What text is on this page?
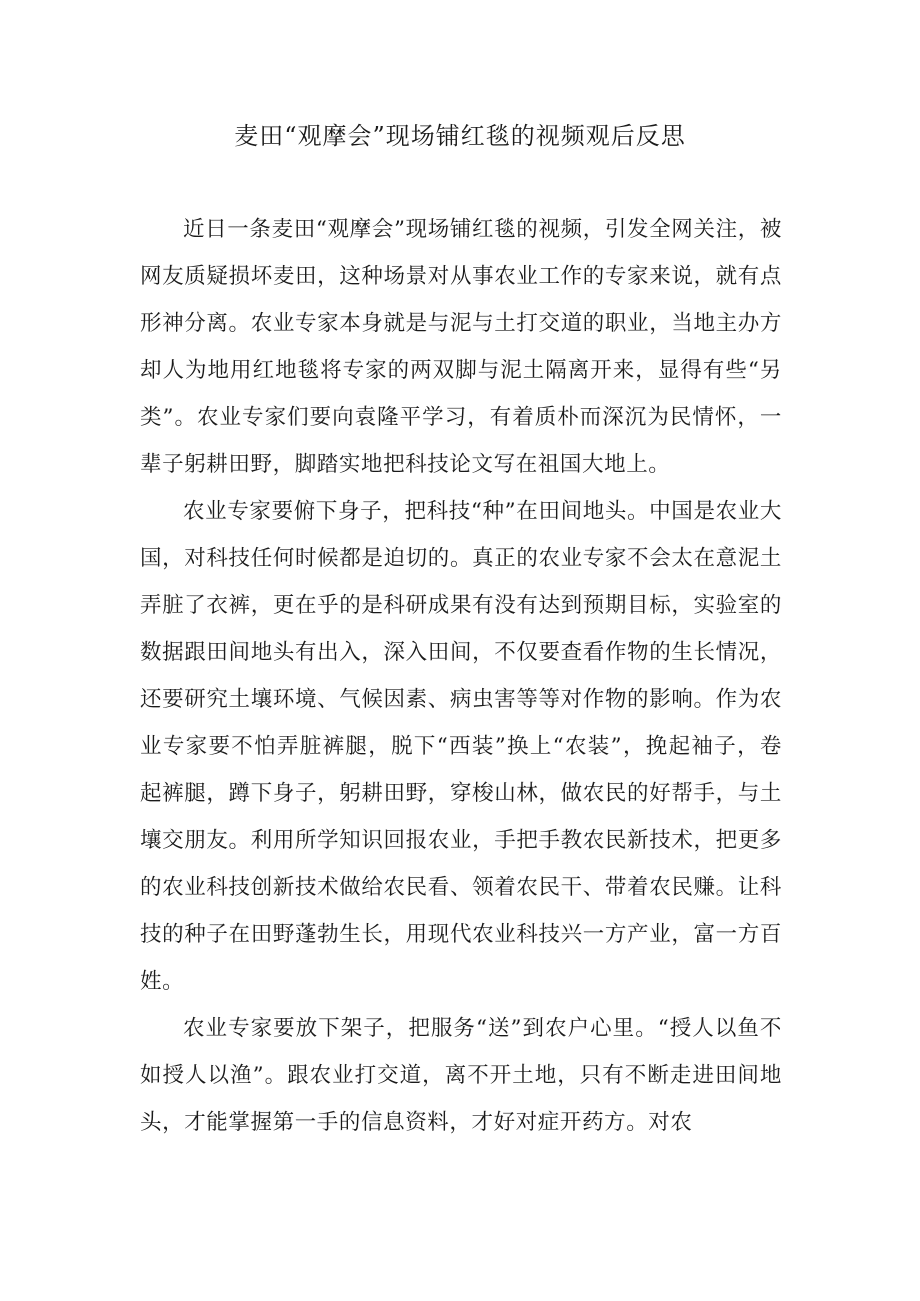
麦田“观摩会”现场铺红毯的视频观后反思

近日一条麦田“观摩会”现场铺红毯的视频，引发全网关注，被网友质疑损坏麦田，这种场景对从事农业工作的专家来说，就有点形神分离。农业专家本身就是与泥与土打交道的职业，当地主办方却人为地用红地毯将专家的两双脚与泥土隔离开来，显得有些“另类”。农业专家们要向袁隆平学习，有着质朴而深沉为民情怀，一辈子躬耕田野，脚踏实地把科技论文写在祖国大地上。

农业专家要俯下身子，把科技“种”在田间地头。中国是农业大国，对科技任何时候都是迫切的。真正的农业专家不会太在意泥土弄脏了衣裤，更在乎的是科研成果有没有达到预期目标，实验室的数据跟田间地头有出入，深入田间，不仅要查看作物的生长情况，还要研究土壤环境、气候因素、病虫害等等对作物的影响。作为农业专家要不怕弄脏裤腿，脱下“西装”换上“农装”，挽起袖子，卷起裤腿，蹲下身子，躬耕田野，穿梭山林，做农民的好帮手，与土壤交朋友。利用所学知识回报农业，手把手教农民新技术，把更多的农业科技创新技术做给农民看、领着农民干、带着农民赚。让科技的种子在田野蓬勃生长，用现代农业科技兴一方产业，富一方百姓。

农业专家要放下架子，把服务“送”到农户心里。“授人以鱼不如授人以渔”。跟农业打交道，离不开土地，只有不断走进田间地头，才能掌握第一手的信息资料，才好对症开药方。对农
